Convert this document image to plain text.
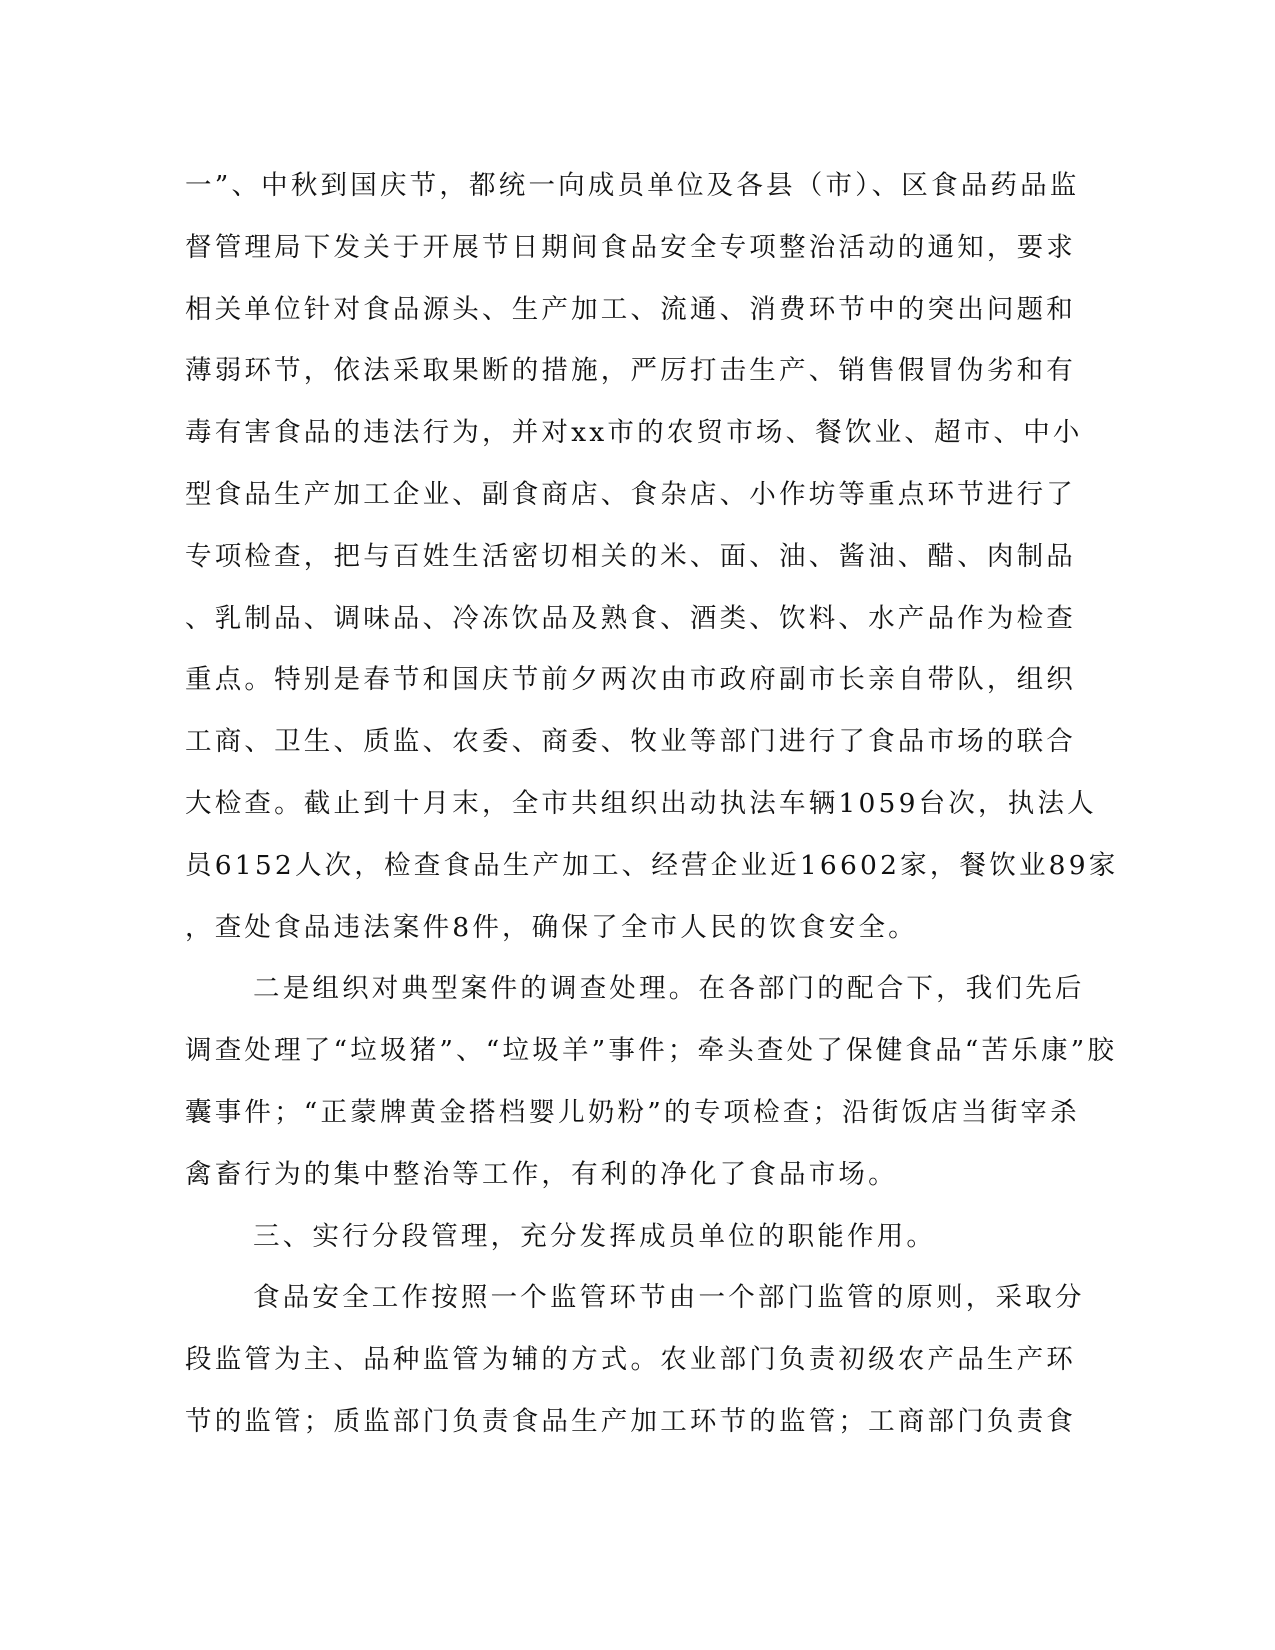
一”、中秋到国庆节，都统一向成员单位及各县（市）、区食品药品监
督管理局下发关于开展节日期间食品安全专项整治活动的通知，要求
相关单位针对食品源头、生产加工、流通、消费环节中的突出问题和
薄弱环节，依法采取果断的措施，严厉打击生产、销售假冒伪劣和有
毒有害食品的违法行为，并对xx市的农贸市场、餐饮业、超市、中小
型食品生产加工企业、副食商店、食杂店、小作坊等重点环节进行了
专项检查，把与百姓生活密切相关的米、面、油、酱油、醋、肉制品
、乳制品、调味品、冷冻饮品及熟食、酒类、饮料、水产品作为检查
重点。特别是春节和国庆节前夕两次由市政府副市长亲自带队，组织
工商、卫生、质监、农委、商委、牧业等部门进行了食品市场的联合
大检查。截止到十月末，全市共组织出动执法车辆1059台次，执法人
员6152人次，检查食品生产加工、经营企业近16602家，餐饮业89家
，查处食品违法案件8件，确保了全市人民的饮食安全。
二是组织对典型案件的调查处理。在各部门的配合下，我们先后
调查处理了“垃圾猪”、“垃圾羊”事件；牵头查处了保健食品“苦乐康”胶
囊事件；“正蒙牌黄金搭档婴儿奶粉”的专项检查；沿街饭店当街宰杀
禽畜行为的集中整治等工作，有利的净化了食品市场。
三、实行分段管理，充分发挥成员单位的职能作用。
食品安全工作按照一个监管环节由一个部门监管的原则，采取分
段监管为主、品种监管为辅的方式。农业部门负责初级农产品生产环
节的监管；质监部门负责食品生产加工环节的监管；工商部门负责食
